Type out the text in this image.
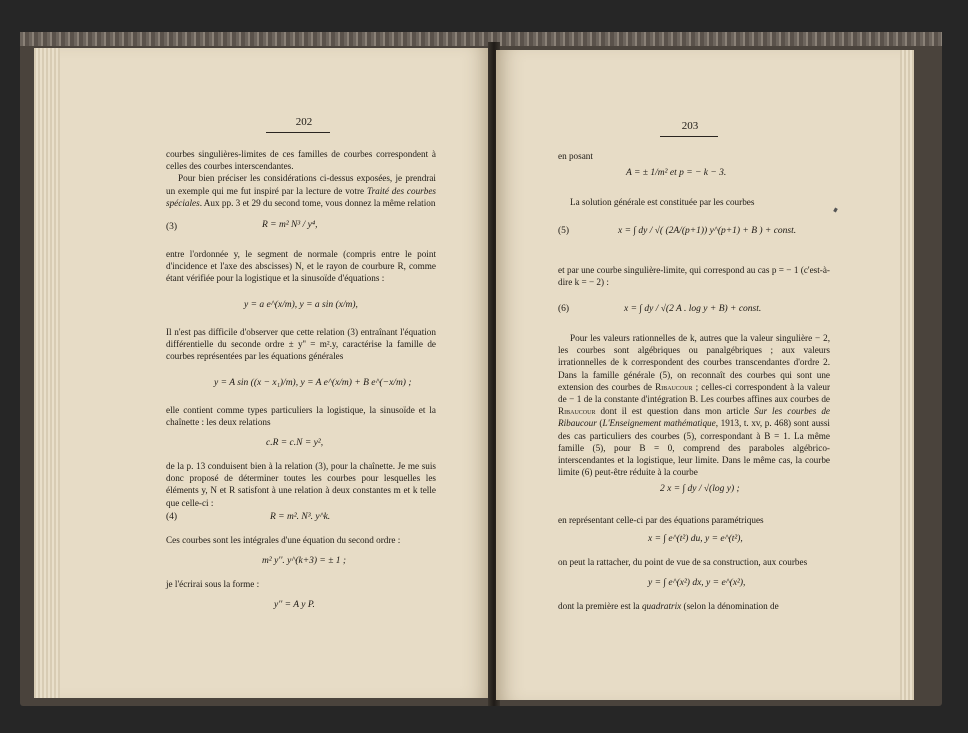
202

courbes singulières-limites de ces familles de courbes correspondent à celles des courbes interscendantes.

Pour bien préciser les considérations ci-dessus exposées, je prendrai un exemple qui me fut inspiré par la lecture de votre Traité des courbes spéciales. Aux pp. 3 et 29 du second tome, vous donnez la même relation

(3)	R = m² N³ / y⁴,
entre l'ordonnée y, le segment de normale (compris entre le point d'incidence et l'axe des abscisses) N, et le rayon de courbure R, comme étant vérifiée pour la logistique et la sinusoïde d'équations :
y = a e^(x/m), y = a sin (x/m),
Il n'est pas difficile d'observer que cette relation (3) entraînant l'équation différentielle du seconde ordre ± y'' = m².y, caractérise la famille de courbes représentées par les équations générales
y = A sin ((x − x₁)/m), y = A e^(x/m) + B e^(−x/m) ;
elle contient comme types particuliers la logistique, la sinusoïde et la chaînette : les deux relations
c.R = c.N = y²,
de la p. 13 conduisent bien à la relation (3), pour la chaînette. Je me suis donc proposé de déterminer toutes les courbes pour lesquelles les éléments y, N et R satisfont à une relation à deux constantes m et k telle que celle-ci :
(4)	R = m². N³. y^k.
Ces courbes sont les intégrales d'une équation du second ordre :
m² y''. y^(k+3) = ± 1 ;
je l'écrirai sous la forme :
y'' = A y P.
203
en posant
A = ± 1/m² et p = − k − 3.
La solution générale est constituée par les courbes
(5)	x = ∫ dy / √( (2A/(p+1)) y^(p+1) + B ) + const.
et par une courbe singulière-limite, qui correspond au cas p = − 1 (c'est-à-dire k = − 2) :
(6)	x = ∫ dy / √(2 A . log y + B) + const.
Pour les valeurs rationnelles de k, autres que la valeur singulière − 2, les courbes sont algébriques ou panalgébriques ; aux valeurs irrationnelles de k correspondent des courbes transcendantes d'ordre 2. Dans la famille générale (5), on reconnaît des courbes qui sont une extension des courbes de Ribaucour ; celles-ci correspondent à la valeur de − 1 de la constante d'intégration B. Les courbes affines aux courbes de Ribaucour dont il est question dans mon article Sur les courbes de Ribaucour (L'Enseignement mathématique, 1913, t. xv, p. 468) sont aussi des cas particuliers des courbes (5), correspondant à B = 1. La même famille (5), pour B = 0, comprend des paraboles algébrico-interscendantes et la logistique, leur limite. Dans le même cas, la courbe limite (6) peut-être réduite à la courbe
2 x = ∫ dy / √(log y) ;
en représentant celle-ci par des équations paramétriques
x = ∫ e^(t²) du, y = e^(t²),
on peut la rattacher, du point de vue de sa construction, aux courbes
y = ∫ e^(x²) dx, y = e^(x²),
dont la première est la quadratrix (selon la dénomination de
